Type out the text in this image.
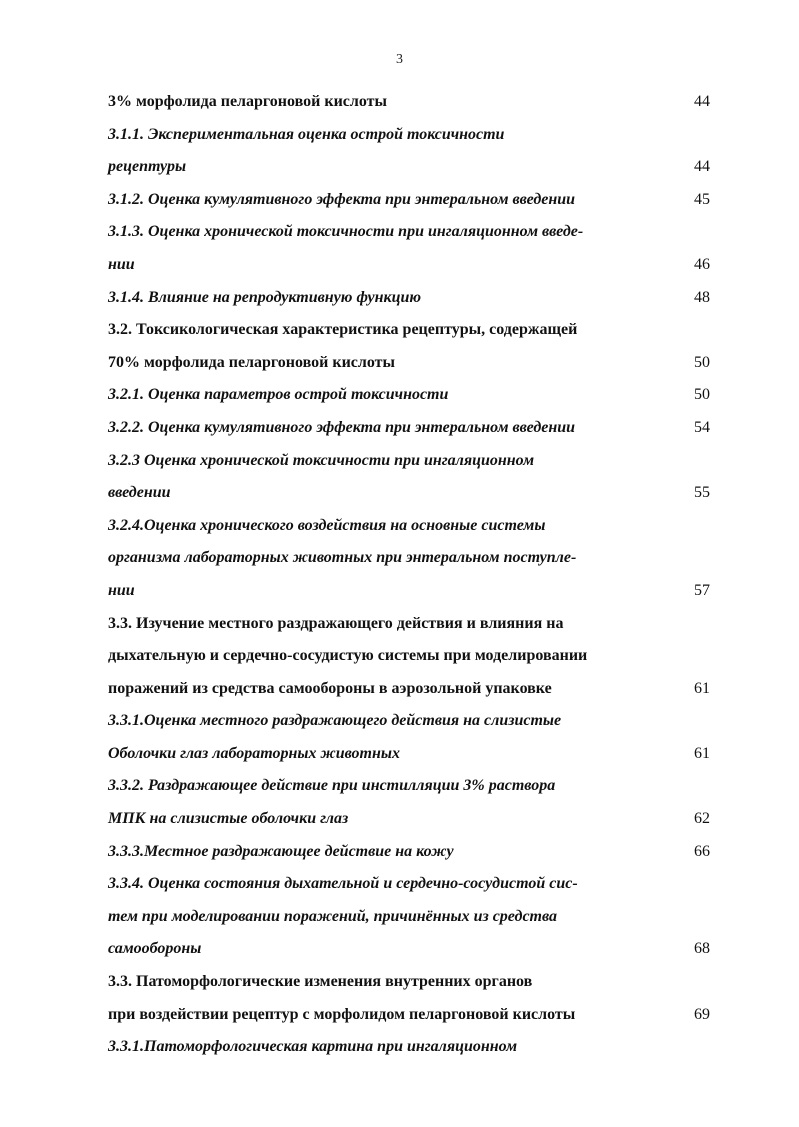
3
3% морфолида пеларгоновой кислоты	44
3.1.1. Экспериментальная оценка острой токсичности
рецептуры	44
3.1.2. Оценка кумулятивного эффекта при энтеральном введении	45
3.1.3. Оценка хронической токсичности при ингаляционном введе-
нии	46
3.1.4. Влияние на репродуктивную функцию	48
3.2. Токсикологическая характеристика рецептуры, содержащей
70% морфолида пеларгоновой кислоты	50
3.2.1. Оценка параметров острой токсичности	50
3.2.2. Оценка кумулятивного эффекта при энтеральном введении	54
3.2.3 Оценка хронической токсичности при ингаляционном
введении	55
3.2.4.Оценка хронического воздействия на основные системы
организма лабораторных животных при энтеральном поступле-
нии	57
3.3. Изучение местного раздражающего действия и влияния на
дыхательную и сердечно-сосудистую системы при моделировании
поражений из средства самообороны в аэрозольной упаковке	61
3.3.1.Оценка местного раздражающего действия на слизистые
Оболочки глаз лабораторных животных	61
3.3.2. Раздражающее действие при инстилляции 3% раствора
МПК на слизистые оболочки глаз	62
3.3.3.Местное раздражающее действие на кожу	66
3.3.4. Оценка состояния дыхательной и сердечно-сосудистой сис-
тем при моделировании поражений, причинённых из средства
самообороны	68
3.3. Патоморфологические изменения внутренних органов
при воздействии рецептур с морфолидом пеларгоновой кислоты	69
3.3.1.Патоморфологическая картина при ингаляционном
